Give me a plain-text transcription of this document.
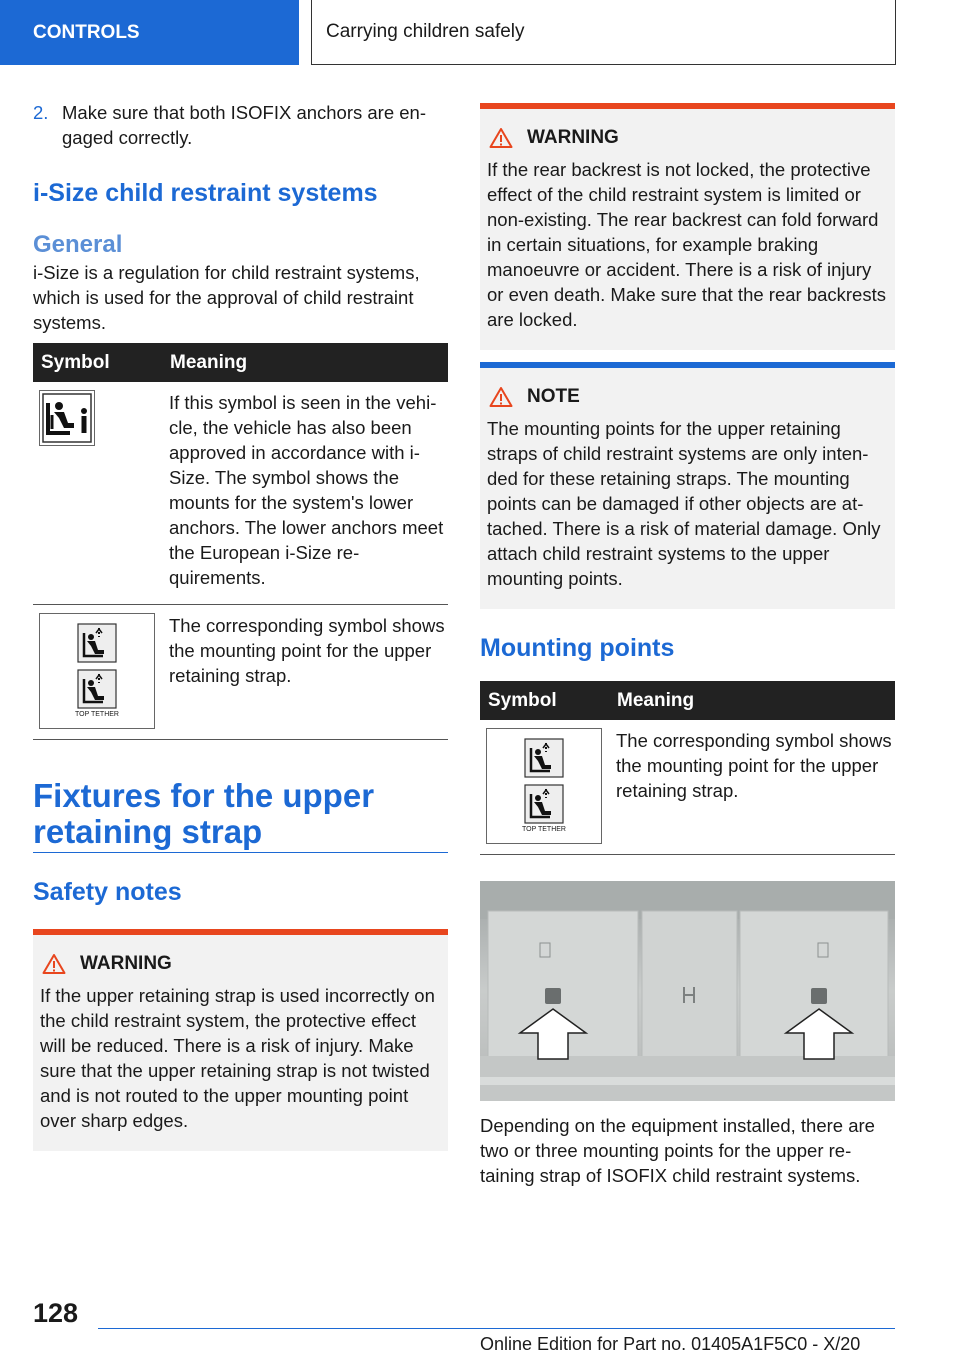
CONTROLS	Carrying children safely
2. Make sure that both ISOFIX anchors are engaged correctly.
i-Size child restraint systems
General

i-Size is a regulation for child restraint systems, which is used for the approval of child restraint systems.

Symbol	Meaning

	If this symbol is seen in the vehicle, the vehicle has also been approved in accordance with i-Size. The symbol shows the mounts for the system's lower anchors. The lower anchors meet the European i-Size requirements.

TOP TETHER	The corresponding symbol shows the mounting point for the upper retaining strap.
Fixtures for the upper retaining strap
Safety notes
WARNING

If the upper retaining strap is used incorrectly on the child restraint system, the protective effect will be reduced. There is a risk of injury. Make sure that the upper retaining strap is not twisted and is not routed to the upper mounting point over sharp edges.

WARNING

If the rear backrest is not locked, the protective effect of the child restraint system is limited or non-existing. The rear backrest can fold forward in certain situations, for example braking manoeuvre or accident. There is a risk of injury or even death. Make sure that the rear backrests are locked.

NOTE

The mounting points for the upper retaining straps of child restraint systems are only intended for these retaining straps. The mounting points can be damaged if other objects are attached. There is a risk of material damage. Only attach child restraint systems to the upper mounting points.

Mounting points
Symbol	Meaning

TOP TETHER	The corresponding symbol shows the mounting point for the upper retaining strap.

Depending on the equipment installed, there are two or three mounting points for the upper retaining strap of ISOFIX child restraint systems.

128
Online Edition for Part no. 01405A1F5C0 - X/20
